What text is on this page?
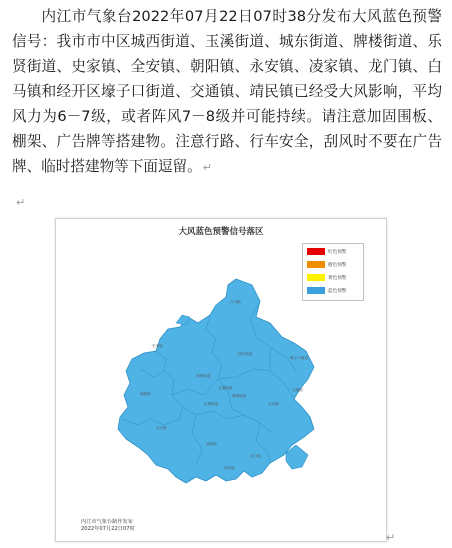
内江市气象台2022年07月22日07时38分发布大风蓝色预警信号：我市市中区城西街道、玉溪街道、城东街道、牌楼街道、乐贤街道、史家镇、全安镇、朝阳镇、永安镇、凌家镇、龙门镇、白马镇和经开区壕子口街道、交通镇、靖民镇已经受大风影响，平均风力为6－7级，或者阵风7－8级并可能持续。请注意加固围板、棚架、广告牌等搭建物。注意行路、行车安全，刮风时不要在广告牌、临时搭建物等下面逗留。↵

↵
史家镇
白马镇
城西街道
玉溪街道
城东街道
牌楼街道
乐贤街道
朝阳镇
永安镇
凌家镇
龙门镇
全安镇
壕子口街道
交通镇
靖民镇
大风蓝色预警信号落区
红色预警
橙色预警
黄色预警
蓝色预警
内江市气象台制作发布
2022年07月22日07时
↵
